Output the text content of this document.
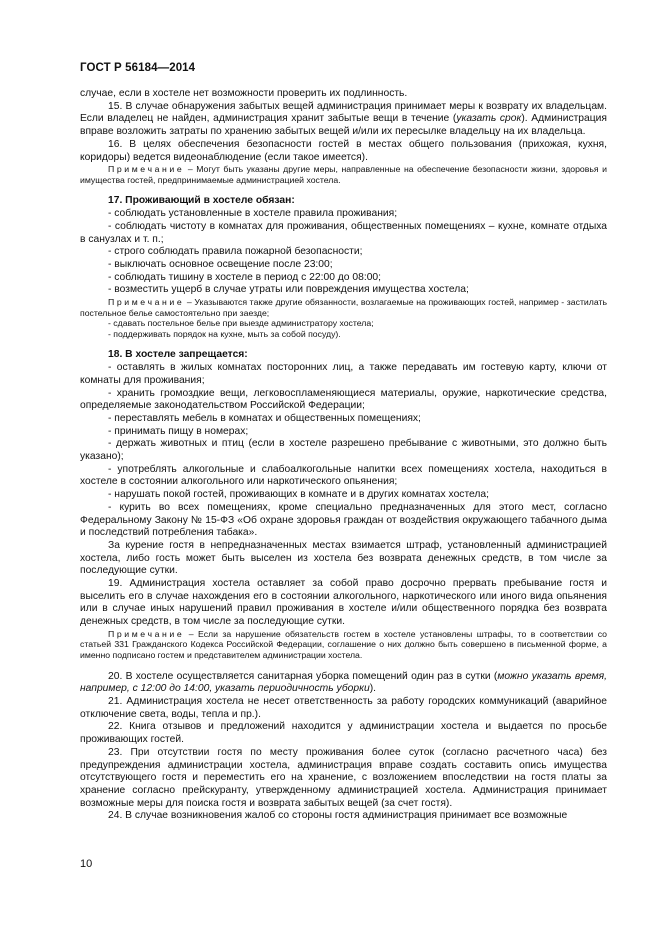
ГОСТ Р 56184—2014

случае, если в хостеле нет возможности проверить их подлинность.

15. В случае обнаружения забытых вещей администрация принимает меры к возврату их владельцам. Если владелец не найден, администрация хранит забытые вещи в течение (указать срок). Администрация вправе возложить затраты по хранению забытых вещей и/или их пересылке владельцу на их владельца.

16. В целях обеспечения безопасности гостей в местах общего пользования (прихожая, кухня, коридоры) ведется видеонаблюдение (если такое имеется).

Примечание – Могут быть указаны другие меры, направленные на обеспечение безопасности жизни, здоровья и имущества гостей, предпринимаемые администрацией хостела.

17. Проживающий в хостеле обязан:

- соблюдать установленные в хостеле правила проживания;

- соблюдать чистоту в комнатах для проживания, общественных помещениях – кухне, комнате отдыха в санузлах и т. п.;

- строго соблюдать правила пожарной безопасности;

- выключать основное освещение после 23:00;

- соблюдать тишину в хостеле в период с 22:00 до 08:00;

- возместить ущерб в случае утраты или повреждения имущества хостела;

Примечание – Указываются также другие обязанности, возлагаемые на проживающих гостей, например - застилать постельное белье самостоятельно при заезде;

- сдавать постельное белье при выезде администратору хостела;

- поддерживать порядок на кухне, мыть за собой посуду).

18. В хостеле запрещается:

- оставлять в жилых комнатах посторонних лиц, а также передавать им гостевую карту, ключи от комнаты для проживания;

- хранить громоздкие вещи, легковоспламеняющиеся материалы, оружие, наркотические средства, определяемые законодательством Российской Федерации;

- переставлять мебель в комнатах и общественных помещениях;

- принимать пищу в номерах;

- держать животных и птиц (если в хостеле разрешено пребывание с животными, это должно быть указано);

- употреблять алкогольные и слабоалкогольные напитки всех помещениях хостела, находиться в хостеле в состоянии алкогольного или наркотического опьянения;

- нарушать покой гостей, проживающих в комнате и в других комнатах хостела;

- курить во всех помещениях, кроме специально предназначенных для этого мест, согласно Федеральному Закону № 15-ФЗ «Об охране здоровья граждан от воздействия окружающего табачного дыма и последствий потребления табака».

За курение гостя в непредназначенных местах взимается штраф, установленный администрацией хостела, либо гость может быть выселен из хостела без возврата денежных средств, в том числе за последующие сутки.

19. Администрация хостела оставляет за собой право досрочно прервать пребывание гостя и выселить его в случае нахождения его в состоянии алкогольного, наркотического или иного вида опьянения или в случае иных нарушений правил проживания в хостеле и/или общественного порядка без возврата денежных средств, в том числе за последующие сутки.

Примечание – Если за нарушение обязательств гостем в хостеле установлены штрафы, то в соответствии со статьей 331 Гражданского Кодекса Российской Федерации, соглашение о них должно быть совершено в письменной форме, а именно подписано гостем и представителем администрации хостела.

20. В хостеле осуществляется санитарная уборка помещений один раз в сутки (можно указать время, например, с 12:00 до 14:00, указать периодичность уборки).

21. Администрация хостела не несет ответственность за работу городских коммуникаций (аварийное отключение света, воды, тепла и пр.).

22. Книга отзывов и предложений находится у администрации хостела и выдается по просьбе проживающих гостей.

23. При отсутствии гостя по месту проживания более суток (согласно расчетного часа) без предупреждения администрации хостела, администрация вправе создать составить опись имущества отсутствующего гостя и переместить его на хранение, с возложением впоследствии на гостя платы за хранение согласно прейскуранту, утвержденному администрацией хостела. Администрация принимает возможные меры для поиска гостя и возврата забытых вещей (за счет гостя).

24. В случае возникновения жалоб со стороны гостя администрация принимает все возможные

10
